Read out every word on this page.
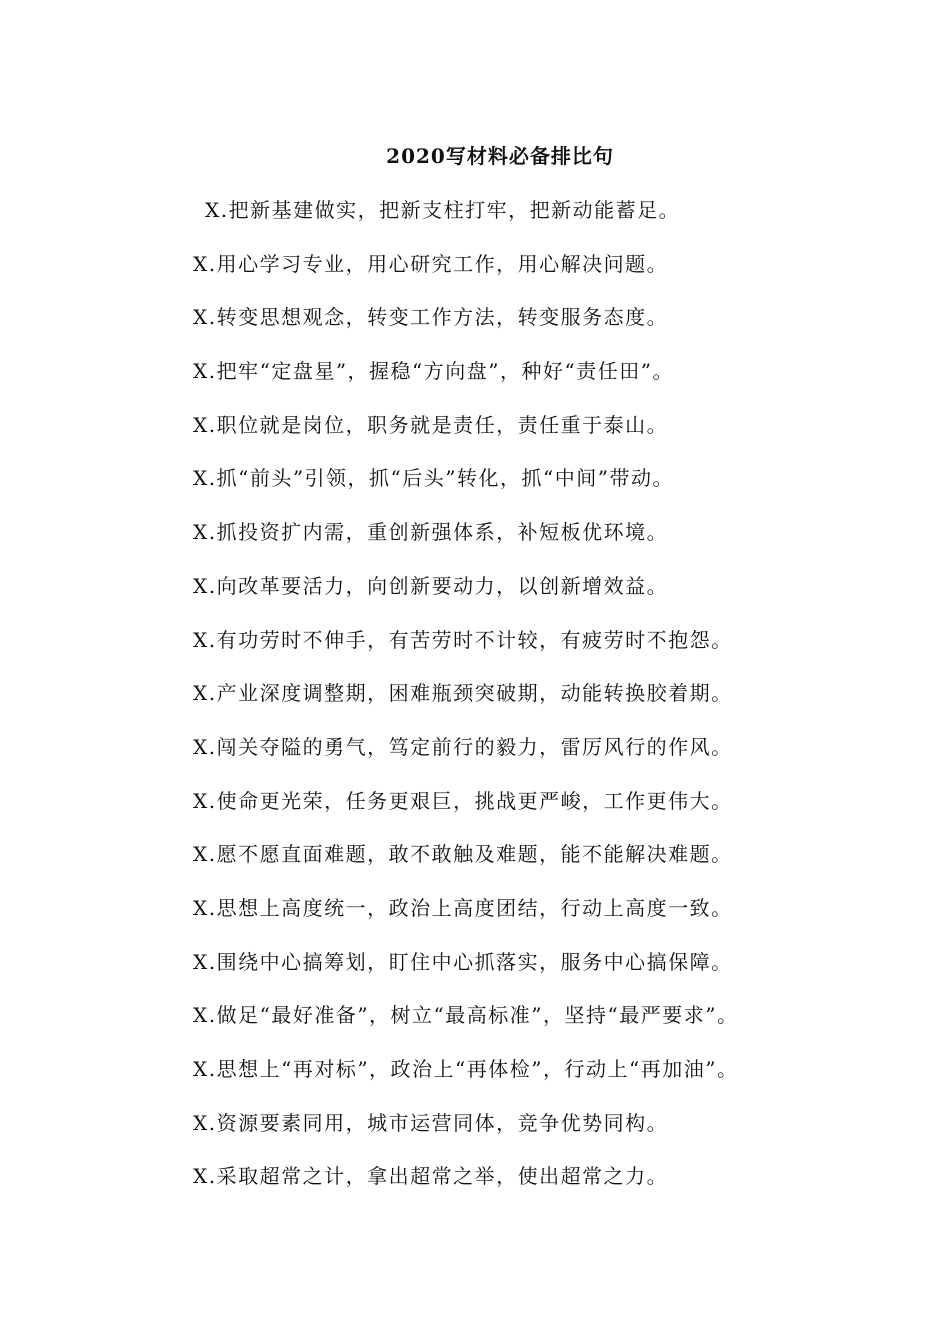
2020写材料必备排比句
X.把新基建做实，把新支柱打牢，把新动能蓄足。
X.用心学习专业，用心研究工作，用心解决问题。
X.转变思想观念，转变工作方法，转变服务态度。
X.把牢“定盘星”，握稳“方向盘”，种好“责任田”。
X.职位就是岗位，职务就是责任，责任重于泰山。
X.抓“前头”引领，抓“后头”转化，抓“中间”带动。
X.抓投资扩内需，重创新强体系，补短板优环境。
X.向改革要活力，向创新要动力，以创新增效益。
X.有功劳时不伸手，有苦劳时不计较，有疲劳时不抱怨。
X.产业深度调整期，困难瓶颈突破期，动能转换胶着期。
X.闯关夺隘的勇气，笃定前行的毅力，雷厉风行的作风。
X.使命更光荣，任务更艰巨，挑战更严峻，工作更伟大。
X.愿不愿直面难题，敢不敢触及难题，能不能解决难题。
X.思想上高度统一，政治上高度团结，行动上高度一致。
X.围绕中心搞筹划，盯住中心抓落实，服务中心搞保障。
X.做足“最好准备”，树立“最高标准”，坚持“最严要求”。
X.思想上“再对标”，政治上“再体检”，行动上“再加油”。
X.资源要素同用，城市运营同体，竞争优势同构。
X.采取超常之计，拿出超常之举，使出超常之力。
